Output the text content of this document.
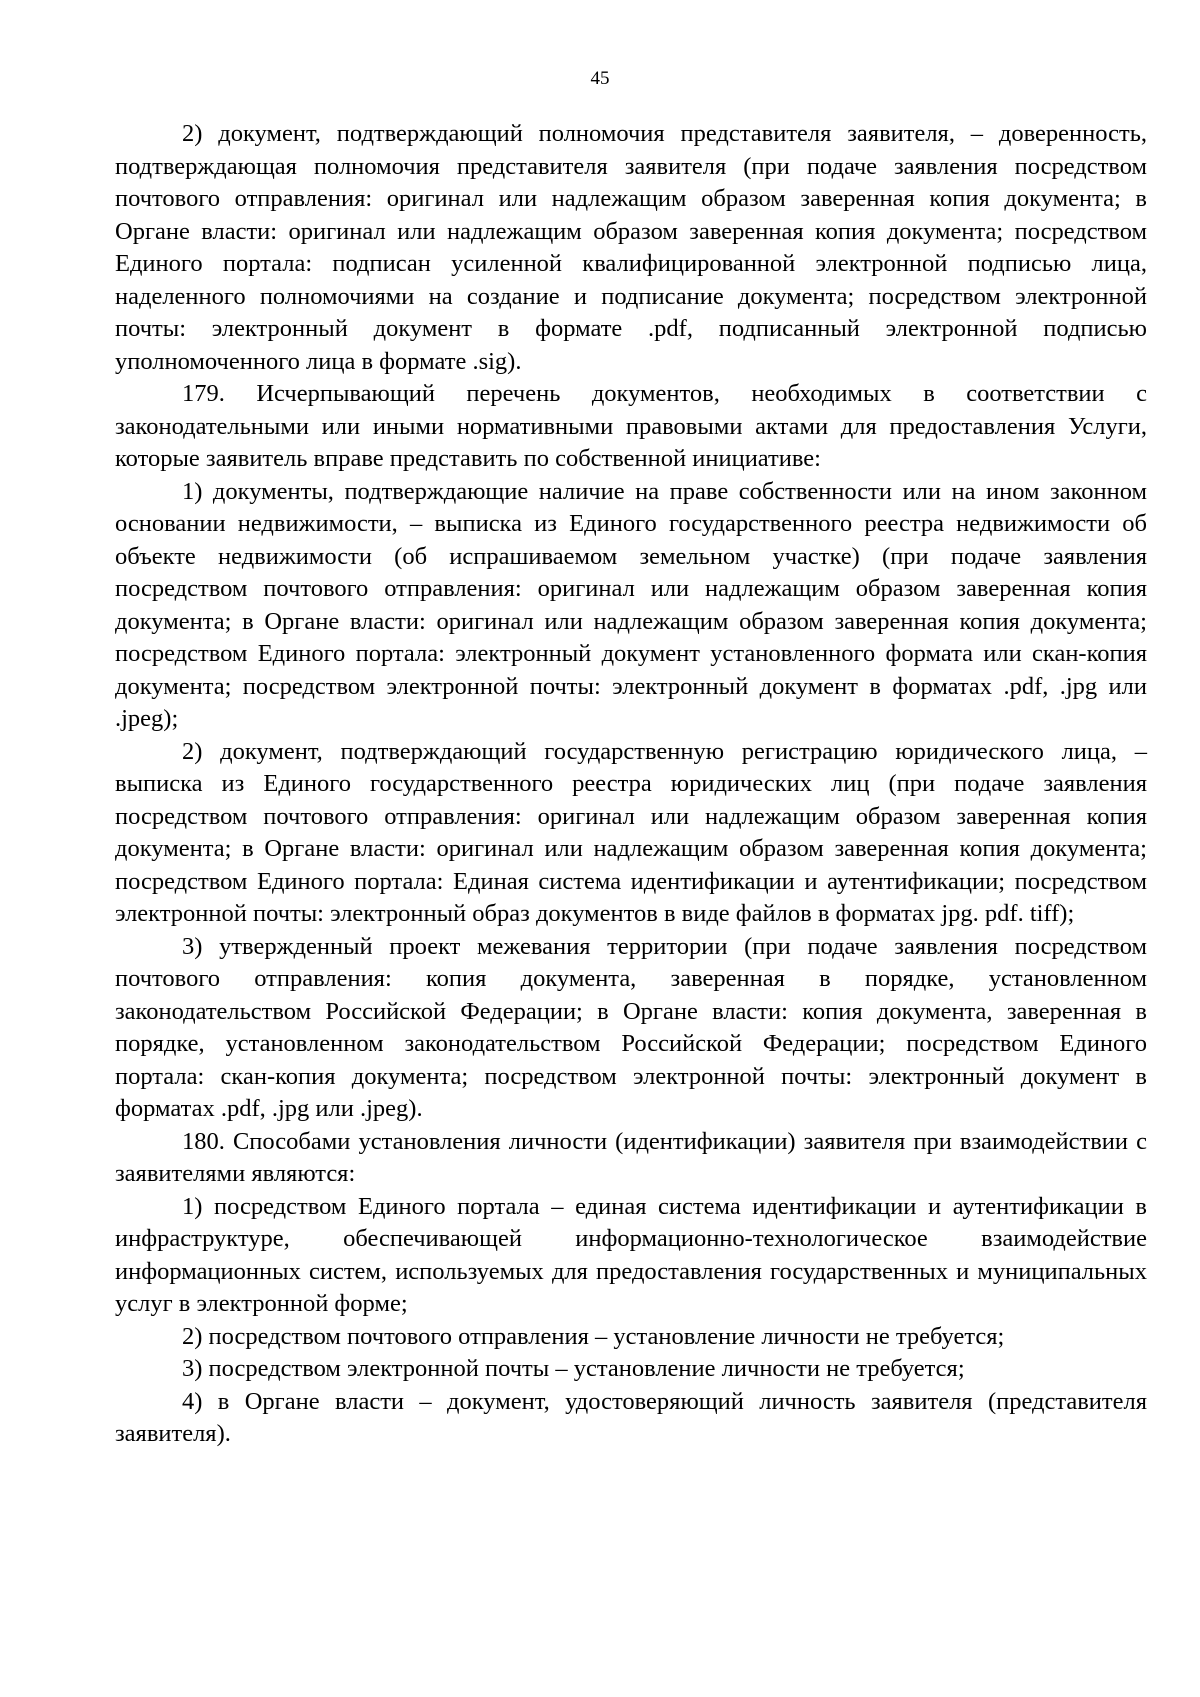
45

2) документ, подтверждающий полномочия представителя заявителя, – доверенность, подтверждающая полномочия представителя заявителя (при подаче заявления посредством почтового отправления: оригинал или надлежащим образом заверенная копия документа; в Органе власти: оригинал или надлежащим образом заверенная копия документа; посредством Единого портала: подписан усиленной квалифицированной электронной подписью лица, наделенного полномочиями на создание и подписание документа; посредством электронной почты: электронный документ в формате .pdf, подписанный электронной подписью уполномоченного лица в формате .sig).

179. Исчерпывающий перечень документов, необходимых в соответствии с законодательными или иными нормативными правовыми актами для предоставления Услуги, которые заявитель вправе представить по собственной инициативе:

1) документы, подтверждающие наличие на праве собственности или на ином законном основании недвижимости, – выписка из Единого государственного реестра недвижимости об объекте недвижимости (об испрашиваемом земельном участке) (при подаче заявления посредством почтового отправления: оригинал или надлежащим образом заверенная копия документа; в Органе власти: оригинал или надлежащим образом заверенная копия документа; посредством Единого портала: электронный документ установленного формата или скан-копия документа; посредством электронной почты: электронный документ в форматах .pdf, .jpg или .jpeg);

2) документ, подтверждающий государственную регистрацию юридического лица, – выписка из Единого государственного реестра юридических лиц (при подаче заявления посредством почтового отправления: оригинал или надлежащим образом заверенная копия документа; в Органе власти: оригинал или надлежащим образом заверенная копия документа; посредством Единого портала: Единая система идентификации и аутентификации; посредством электронной почты: электронный образ документов в виде файлов в форматах jpg. pdf. tiff);

3) утвержденный проект межевания территории (при подаче заявления посредством почтового отправления: копия документа, заверенная в порядке, установленном законодательством Российской Федерации; в Органе власти: копия документа, заверенная в порядке, установленном законодательством Российской Федерации; посредством Единого портала: скан-копия документа; посредством электронной почты: электронный документ в форматах .pdf, .jpg или .jpeg).

180. Способами установления личности (идентификации) заявителя при взаимодействии с заявителями являются:

1) посредством Единого портала – единая система идентификации и аутентификации в инфраструктуре, обеспечивающей информационно-технологическое взаимодействие информационных систем, используемых для предоставления государственных и муниципальных услуг в электронной форме;

2) посредством почтового отправления – установление личности не требуется;

3) посредством электронной почты – установление личности не требуется;

4) в Органе власти – документ, удостоверяющий личность заявителя (представителя заявителя).
